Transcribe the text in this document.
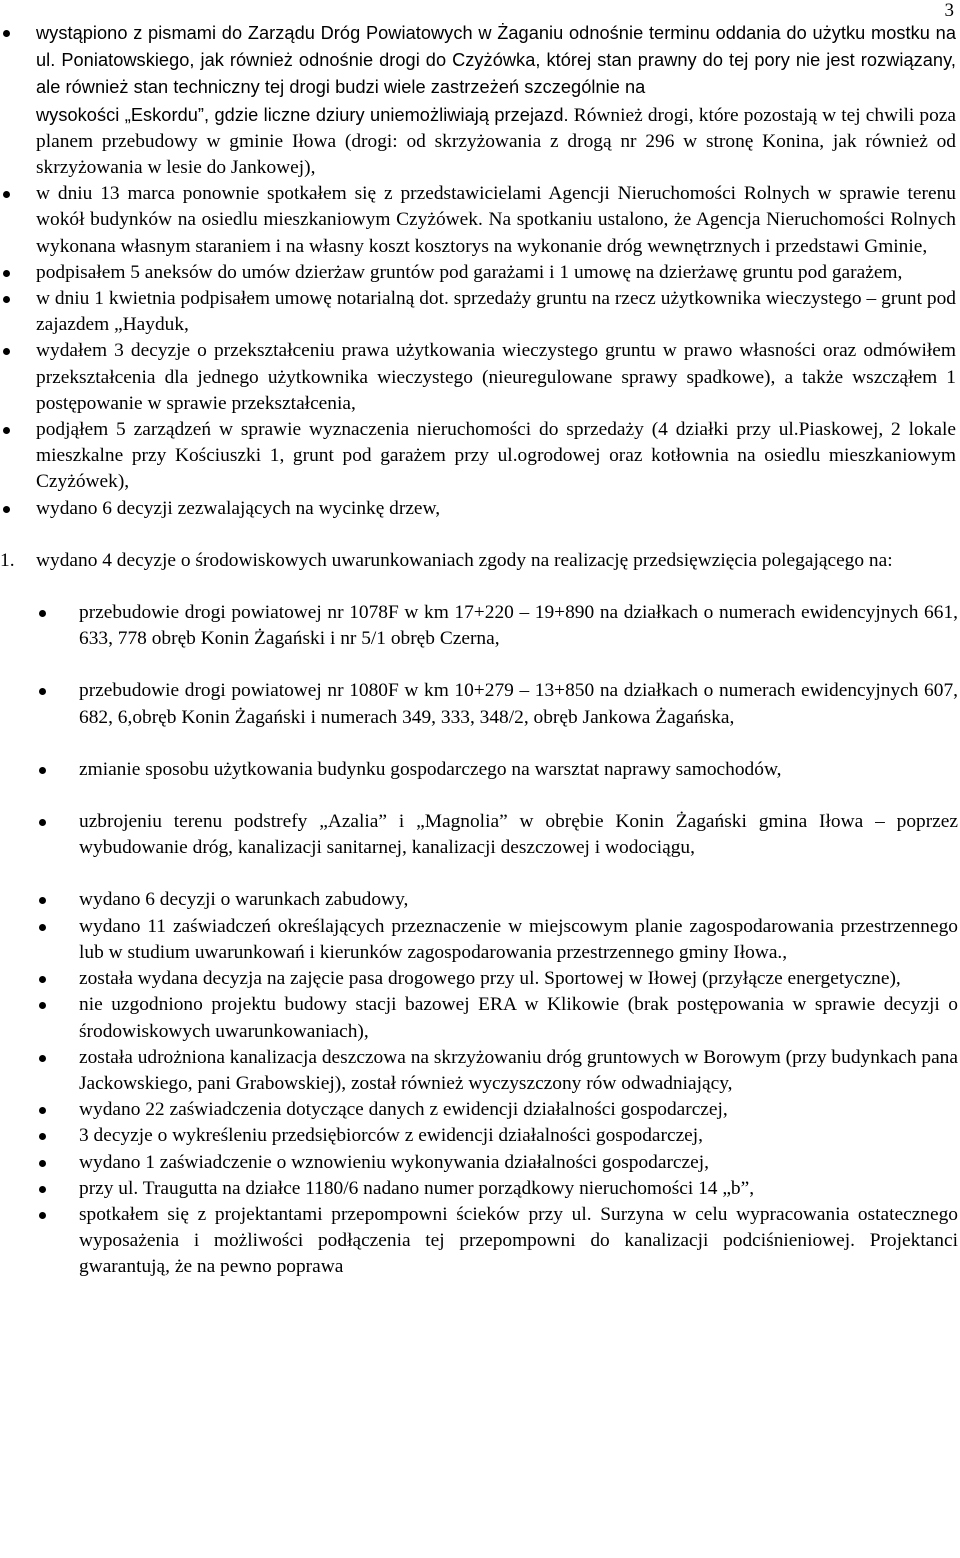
3
wystąpiono z pismami do Zarządu Dróg Powiatowych w Żaganiu odnośnie terminu oddania do użytku mostku na ul. Poniatowskiego, jak również odnośnie drogi do Czyżówka, której stan prawny do tej pory nie jest rozwiązany, ale również stan techniczny tej drogi budzi wiele zastrzeżeń szczególnie na
wysokości „Eskordu”, gdzie liczne dziury uniemożliwiają przejazd. Również drogi, które pozostają w tej chwili poza planem przebudowy w gminie Iłowa (drogi: od skrzyżowania z drogą nr 296 w stronę Konina, jak również od skrzyżowania w lesie do Jankowej),
w dniu 13 marca ponownie spotkałem się z przedstawicielami Agencji Nieruchomości Rolnych w sprawie terenu wokół budynków na osiedlu mieszkaniowym Czyżówek. Na spotkaniu ustalono, że Agencja Nieruchomości Rolnych wykonana własnym staraniem i na własny koszt kosztorys na wykonanie dróg wewnętrznych i przedstawi Gminie,
podpisałem 5 aneksów do umów dzierżaw gruntów pod garażami i 1 umowę na dzierżawę gruntu pod garażem,
w dniu 1 kwietnia podpisałem umowę notarialną dot. sprzedaży gruntu na rzecz użytkownika wieczystego – grunt pod zajazdem „Hayduk,
wydałem 3 decyzje o przekształceniu prawa użytkowania wieczystego gruntu w prawo własności oraz odmówiłem przekształcenia dla jednego użytkownika wieczystego (nieuregulowane sprawy spadkowe), a także wszcząłem 1 postępowanie w sprawie przekształcenia,
podjąłem 5 zarządzeń w sprawie wyznaczenia nieruchomości do sprzedaży (4 działki przy ul.Piaskowej, 2 lokale mieszkalne przy Kościuszki 1, grunt pod garażem przy ul.ogrodowej oraz kotłownia na osiedlu mieszkaniowym Czyżówek),
wydano 6 decyzji zezwalających na wycinkę drzew,
1. wydano 4 decyzje o środowiskowych uwarunkowaniach zgody na realizację przedsięwzięcia polegającego na:
przebudowie drogi powiatowej nr 1078F w km 17+220 – 19+890 na działkach o numerach ewidencyjnych 661, 633, 778 obręb Konin Żagański i nr 5/1 obręb Czerna,
przebudowie drogi powiatowej nr 1080F w km 10+279 – 13+850 na działkach o numerach ewidencyjnych 607, 682, 6,obręb Konin Żagański i numerach 349, 333, 348/2, obręb Jankowa Żagańska,
zmianie sposobu użytkowania budynku gospodarczego na warsztat naprawy samochodów,
uzbrojeniu terenu podstrefy „Azalia” i „Magnolia” w obrębie Konin Żagański gmina Iłowa – poprzez wybudowanie dróg, kanalizacji sanitarnej, kanalizacji deszczowej i wodociągu,
wydano 6 decyzji o warunkach zabudowy,
wydano 11 zaświadczeń określających przeznaczenie w miejscowym planie zagospodarowania przestrzennego lub w studium uwarunkowań i kierunków zagospodarowania przestrzennego gminy Iłowa.,
została wydana decyzja na zajęcie pasa drogowego przy ul. Sportowej w Iłowej (przyłącze energetyczne),
nie uzgodniono projektu budowy stacji bazowej ERA w Klikowie (brak postępowania w sprawie decyzji o środowiskowych uwarunkowaniach),
została udrożniona kanalizacja deszczowa na skrzyżowaniu dróg gruntowych w Borowym (przy budynkach pana Jackowskiego, pani Grabowskiej), został również wyczyszczony rów odwadniający,
wydano 22 zaświadczenia dotyczące danych z ewidencji działalności gospodarczej,
3 decyzje o wykreśleniu przedsiębiorców z ewidencji działalności gospodarczej,
wydano 1 zaświadczenie o wznowieniu wykonywania działalności gospodarczej,
przy ul. Traugutta na działce 1180/6 nadano numer porządkowy nieruchomości 14 „b”,
spotkałem się z projektantami przepompowni ścieków przy ul. Surzyna w celu wypracowania ostatecznego wyposażenia i możliwości podłączenia tej przepompowni do kanalizacji podciśnieniowej. Projektanci gwarantują, że na pewno poprawa
